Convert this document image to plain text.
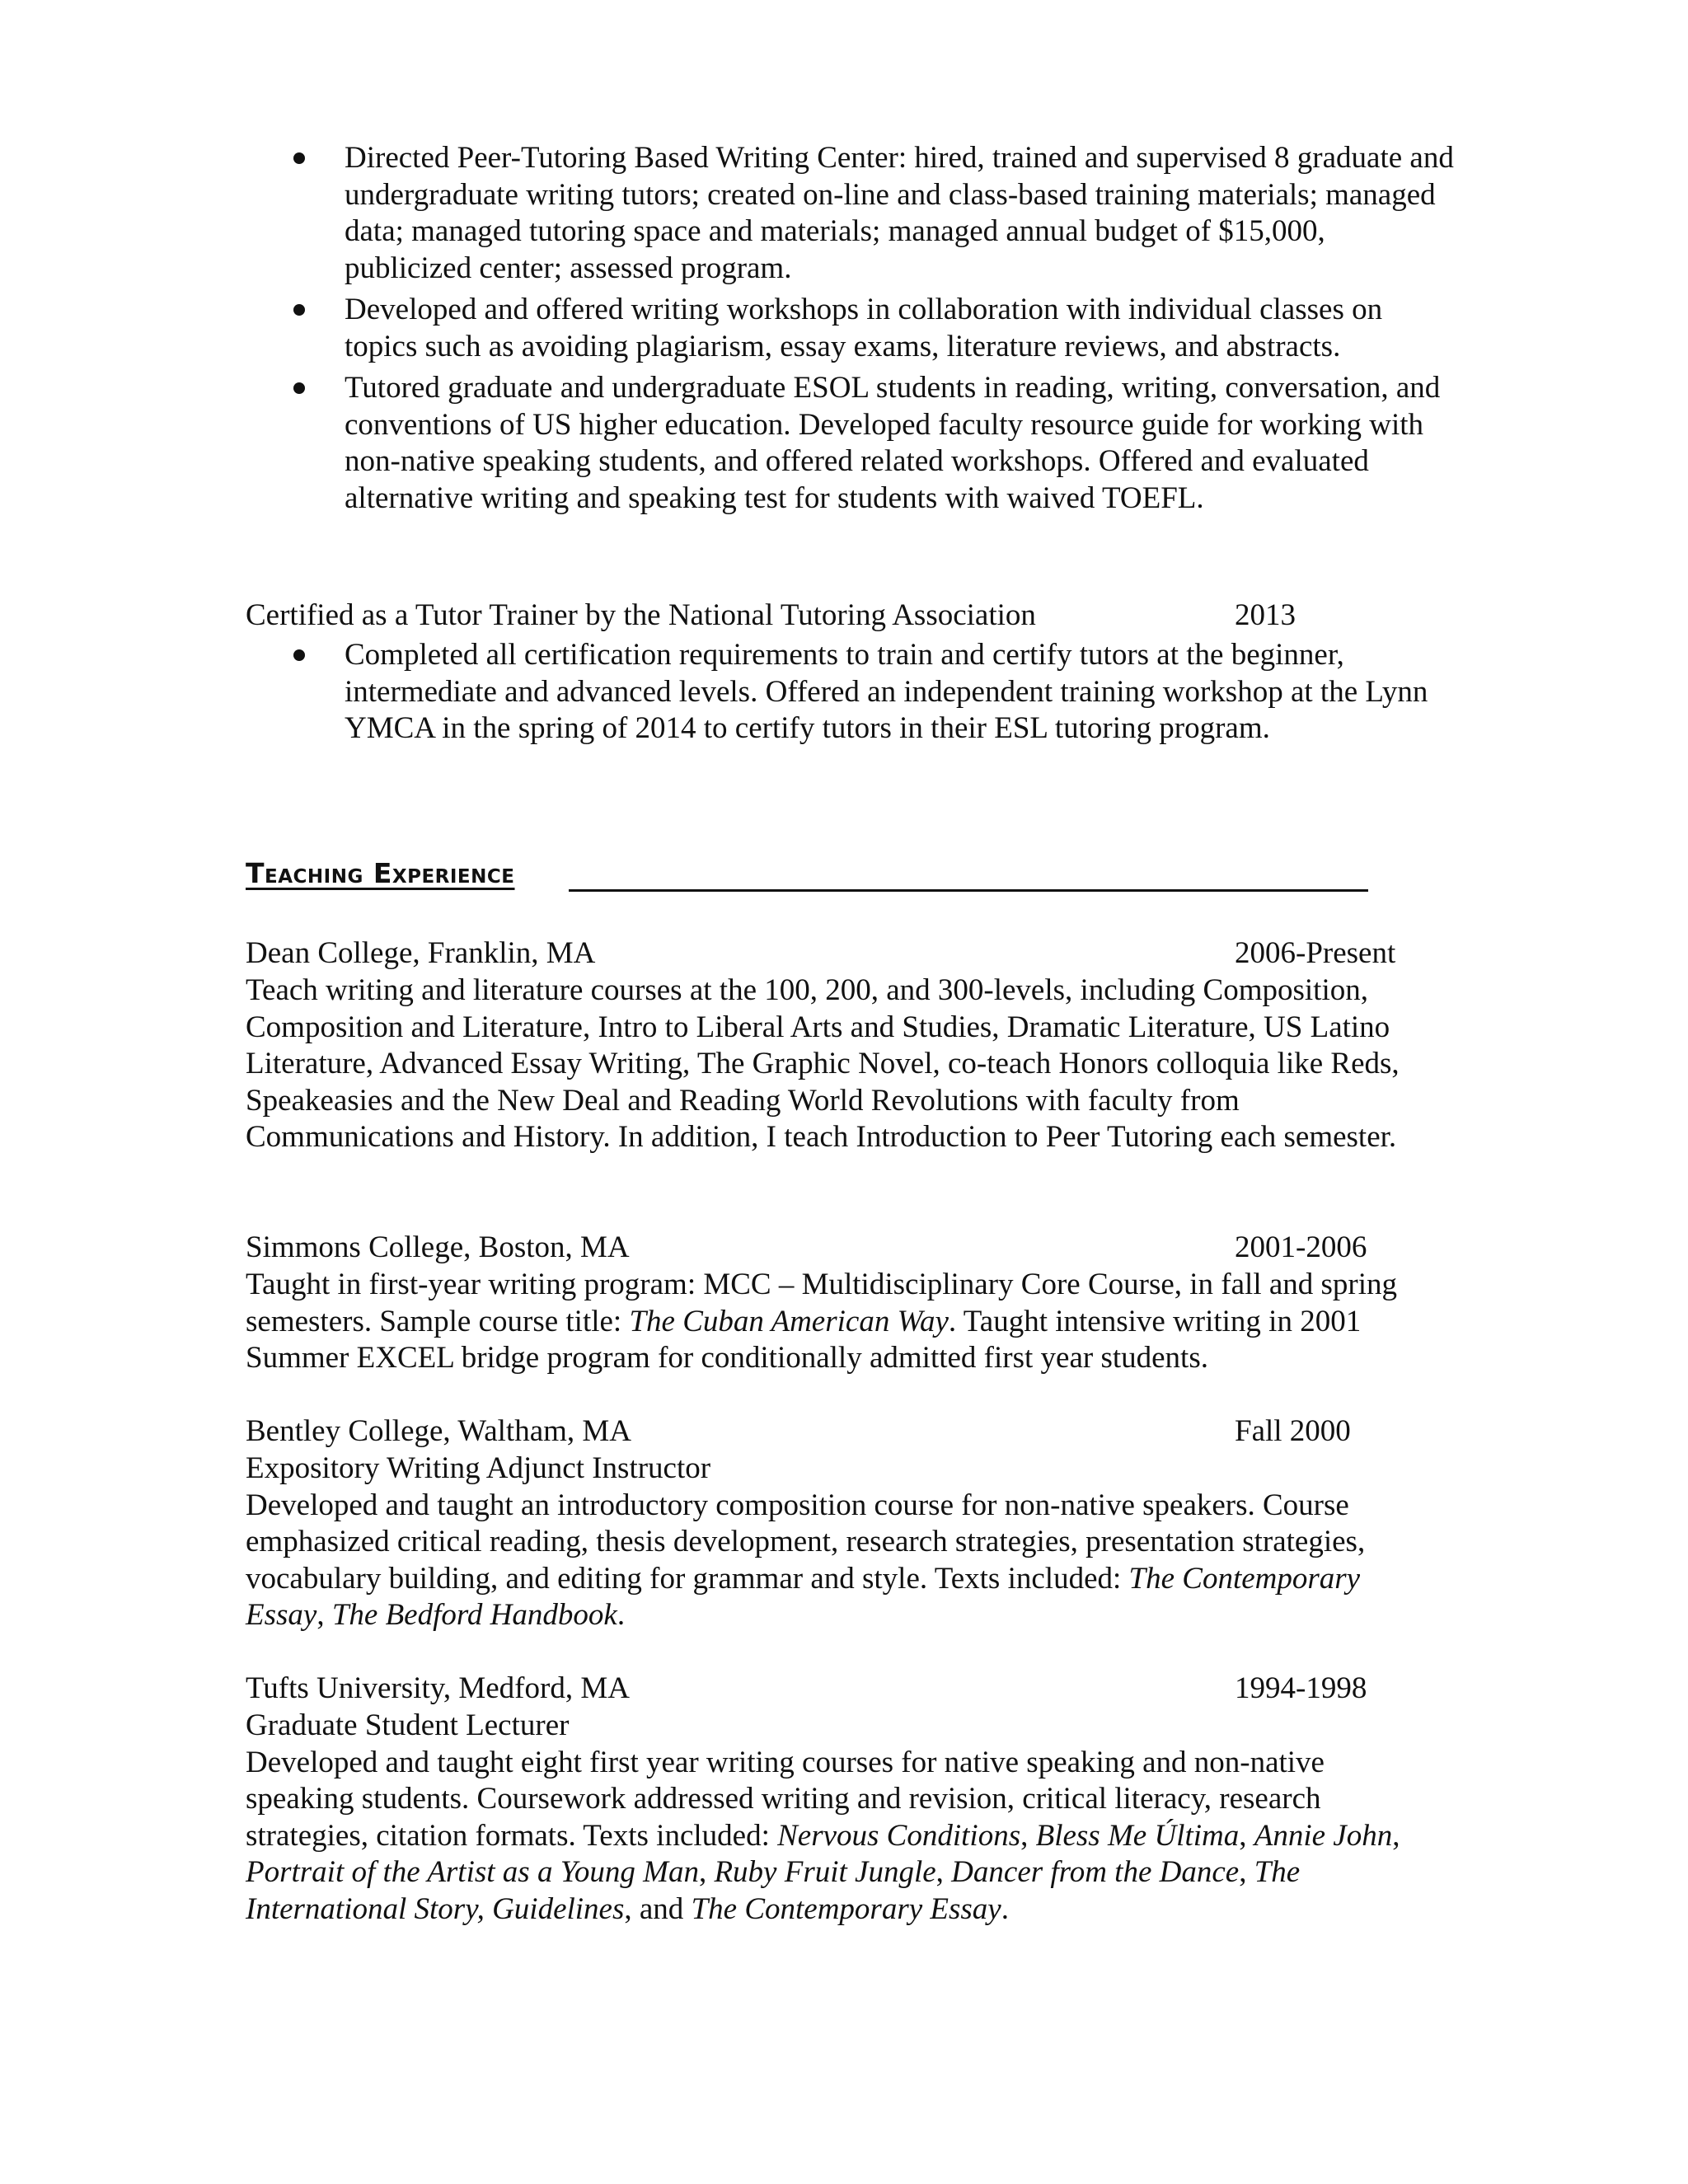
Directed Peer-Tutoring Based Writing Center: hired, trained and supervised 8 graduate and undergraduate writing tutors; created on-line and class-based training materials; managed data; managed tutoring space and materials; managed annual budget of $15,000, publicized center; assessed program.
Developed and offered writing workshops in collaboration with individual classes on topics such as avoiding plagiarism, essay exams, literature reviews, and abstracts.
Tutored graduate and undergraduate ESOL students in reading, writing, conversation, and conventions of US higher education. Developed faculty resource guide for working with non-native speaking students, and offered related workshops. Offered and evaluated alternative writing and speaking test for students with waived TOEFL.
Certified as a Tutor Trainer by the National Tutoring Association	2013
Completed all certification requirements to train and certify tutors at the beginner, intermediate and advanced levels. Offered an independent training workshop at the Lynn YMCA in the spring of 2014 to certify tutors in their ESL tutoring program.
Teaching Experience
Dean College, Franklin, MA	2006-Present

Teach writing and literature courses at the 100, 200, and 300-levels, including Composition, Composition and Literature, Intro to Liberal Arts and Studies, Dramatic Literature, US Latino Literature, Advanced Essay Writing, The Graphic Novel, co-teach Honors colloquia like Reds, Speakeasies and the New Deal and Reading World Revolutions with faculty from Communications and History. In addition, I teach Introduction to Peer Tutoring each semester.

Simmons College, Boston, MA	2001-2006

Taught in first-year writing program: MCC – Multidisciplinary Core Course, in fall and spring semesters. Sample course title: The Cuban American Way. Taught intensive writing in 2001 Summer EXCEL bridge program for conditionally admitted first year students.

Bentley College, Waltham, MA	Fall 2000

Expository Writing Adjunct Instructor

Developed and taught an introductory composition course for non-native speakers. Course emphasized critical reading, thesis development, research strategies, presentation strategies, vocabulary building, and editing for grammar and style. Texts included: The Contemporary Essay, The Bedford Handbook.

Tufts University, Medford, MA	1994-1998

Graduate Student Lecturer

Developed and taught eight first year writing courses for native speaking and non-native speaking students. Coursework addressed writing and revision, critical literacy, research strategies, citation formats. Texts included: Nervous Conditions, Bless Me Última, Annie John, Portrait of the Artist as a Young Man, Ruby Fruit Jungle, Dancer from the Dance, The International Story, Guidelines, and The Contemporary Essay.
